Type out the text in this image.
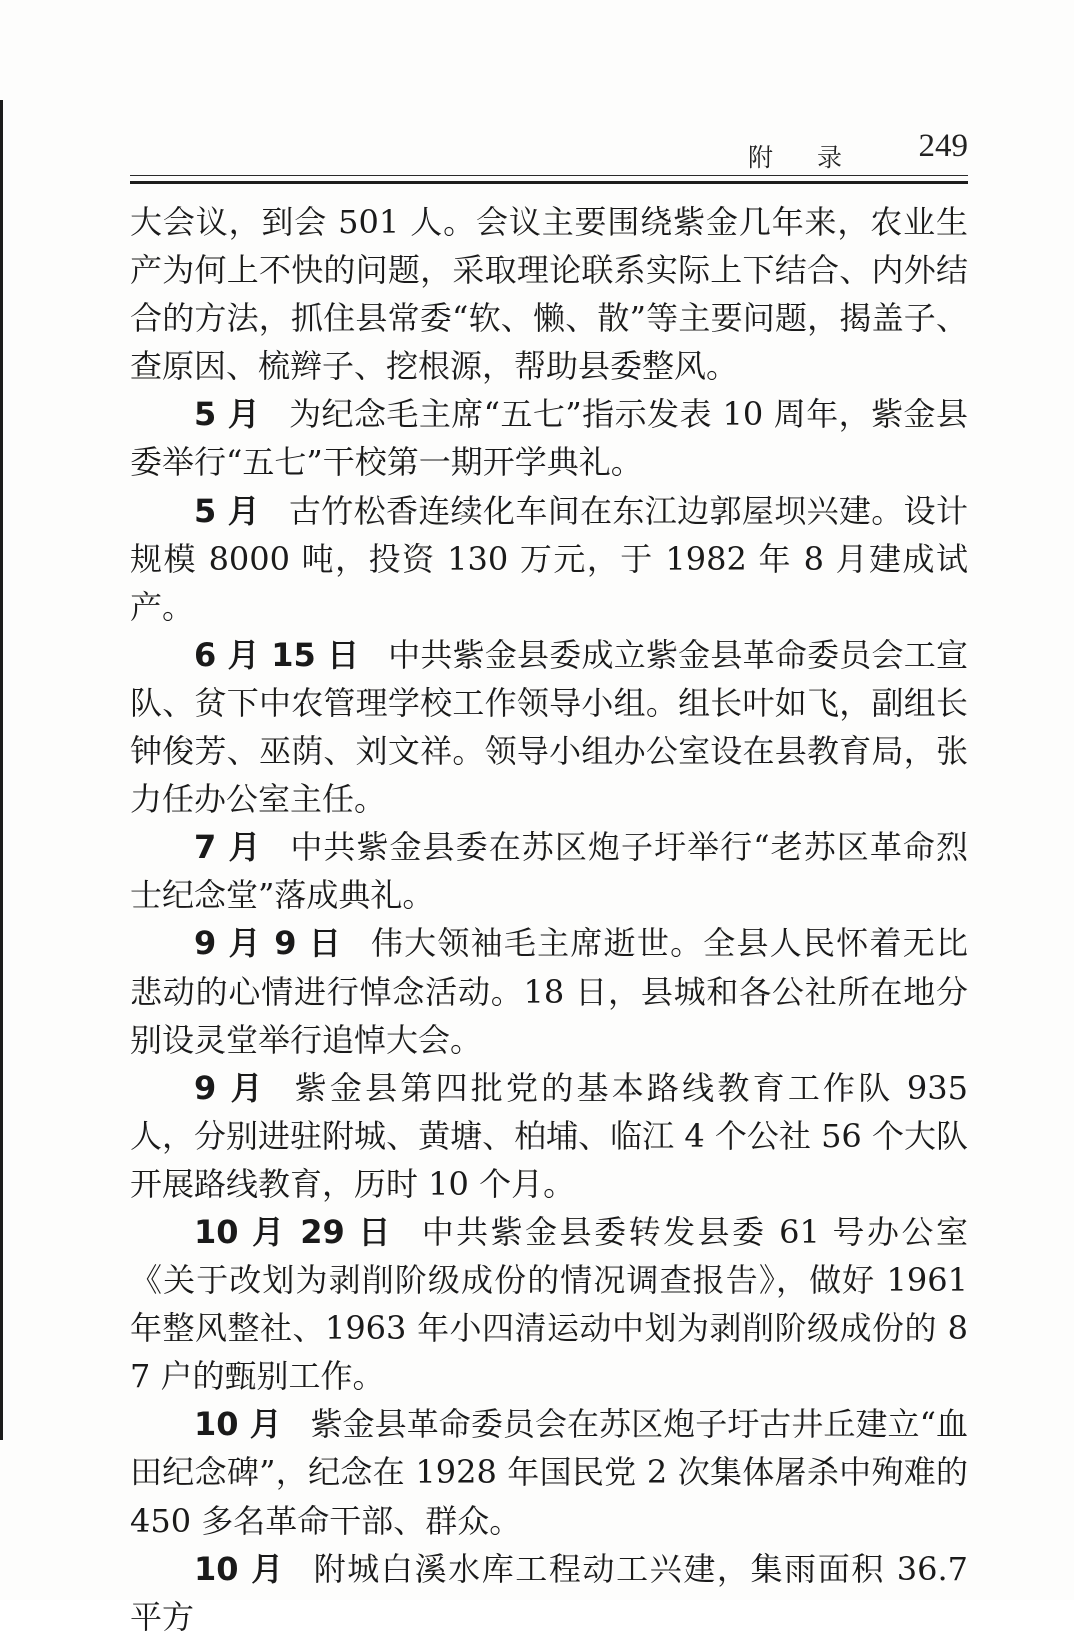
附 录 249

大会议，到会 501 人。会议主要围绕紫金几年来，农业生产为何上不快的问题，采取理论联系实际上下结合、内外结合的方法，抓住县常委“软、懒、散”等主要问题，揭盖子、查原因、梳辫子、挖根源，帮助县委整风。

5 月 为纪念毛主席“五七”指示发表 10 周年，紫金县委举行“五七”干校第一期开学典礼。

5 月 古竹松香连续化车间在东江边郭屋坝兴建。设计规模 8000 吨，投资 130 万元，于 1982 年 8 月建成试产。

6 月 15 日 中共紫金县委成立紫金县革命委员会工宣队、贫下中农管理学校工作领导小组。组长叶如飞，副组长钟俊芳、巫荫、刘文祥。领导小组办公室设在县教育局，张力任办公室主任。

7 月 中共紫金县委在苏区炮子圩举行“老苏区革命烈士纪念堂”落成典礼。

9 月 9 日 伟大领袖毛主席逝世。全县人民怀着无比悲动的心情进行悼念活动。18 日，县城和各公社所在地分别设灵堂举行追悼大会。

9 月 紫金县第四批党的基本路线教育工作队 935 人，分别进驻附城、黄塘、柏埔、临江 4 个公社 56 个大队开展路线教育，历时 10 个月。

10 月 29 日 中共紫金县委转发县委 61 号办公室《关于改划为剥削阶级成份的情况调查报告》，做好 1961 年整风整社、1963 年小四清运动中划为剥削阶级成份的 87 户的甄别工作。

10 月 紫金县革命委员会在苏区炮子圩古井丘建立“血田纪念碑”，纪念在 1928 年国民党 2 次集体屠杀中殉难的 450 多名革命干部、群众。

10 月 附城白溪水库工程动工兴建，集雨面积 36.7 平方
